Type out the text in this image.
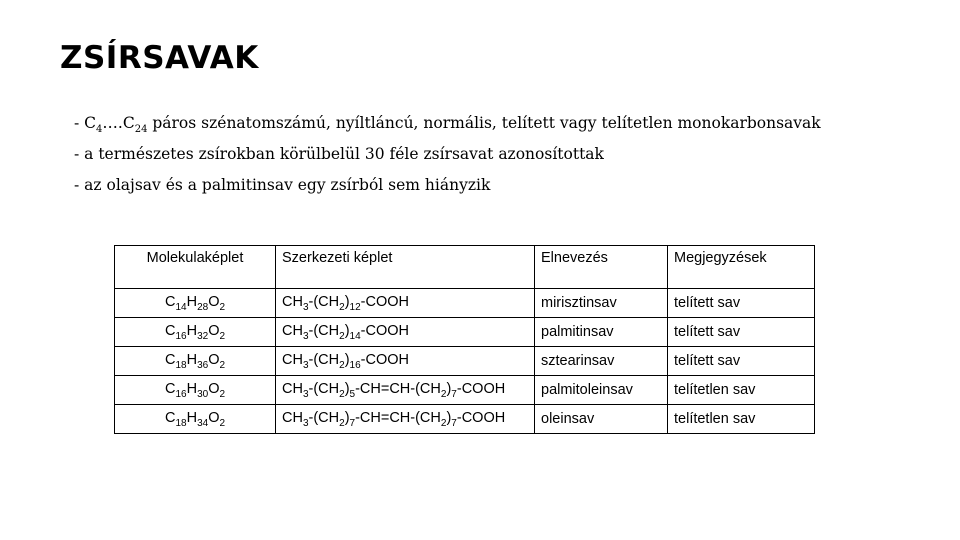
ZSÍRSAVAK
- $C_4\dots.C_{24}$ páros szénatomszámú, nyíltláncú, normális, telített vagy telítetlen monokarbonsavak
- a természetes zsírokban körülbelül 30 féle zsírsavat azonosítottak
- az olajsav és a palmitinsav egy zsírból sem hiányzik
Molekulaképlet	Szerkezeti képlet	Elnevezés	Megjegyzések
$C_{14}H_{28}O_2$	$CH_3-(CH_2)_{12}$-COOH	mirisztinsav	telített sav
$C_{16}H_{32}O_2$	$CH_3-(CH_2)_{14}$-COOH	palmitinsav	telített sav
$C_{18}H_{36}O_2$	$CH_3-(CH_2)_{16}$-COOH	sztearinsav	telített sav
$C_{16}H_{30}O_2$	$CH_3-(CH_2)_5-CH=CH-(CH_2)_7$-COOH	palmitoleinsav	telítetlen sav
$C_{18}H_{34}O_2$	$CH_3-(CH_2)_7-CH=CH-(CH_2)_7$-COOH	oleinsav	telítetlen sav
